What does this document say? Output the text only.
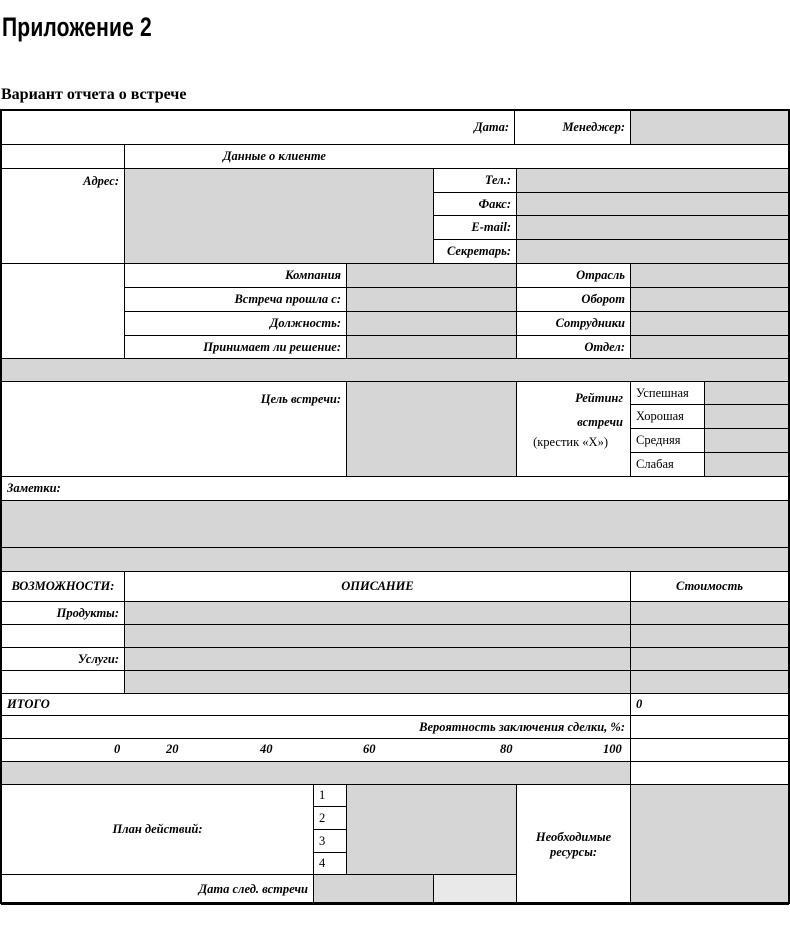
Приложение 2
Вариант отчета о встрече
Дата:	Менеджер:
Данные о клиенте
Адрес:	Тел.:
Факс:
E-mail:
Секретарь:
Компания	Отрасль
Встреча прошла с:	Оборот
Должность:	Сотрудники
Принимает ли решение:	Отдел:
Цель встречи:	Рейтинг
встречи
(крестик «Х»)
Успешная
Хорошая
Средняя
Слабая
Заметки:
ВОЗМОЖНОСТИ:	ОПИСАНИЕ	Стоимость
Продукты:
Услуги:
ИТОГО	0
Вероятность заключения сделки, %:
0	20	40	60	80	100
План действий:
1
2
3
4
Необходимые ресурсы:
Дата след. встречи
